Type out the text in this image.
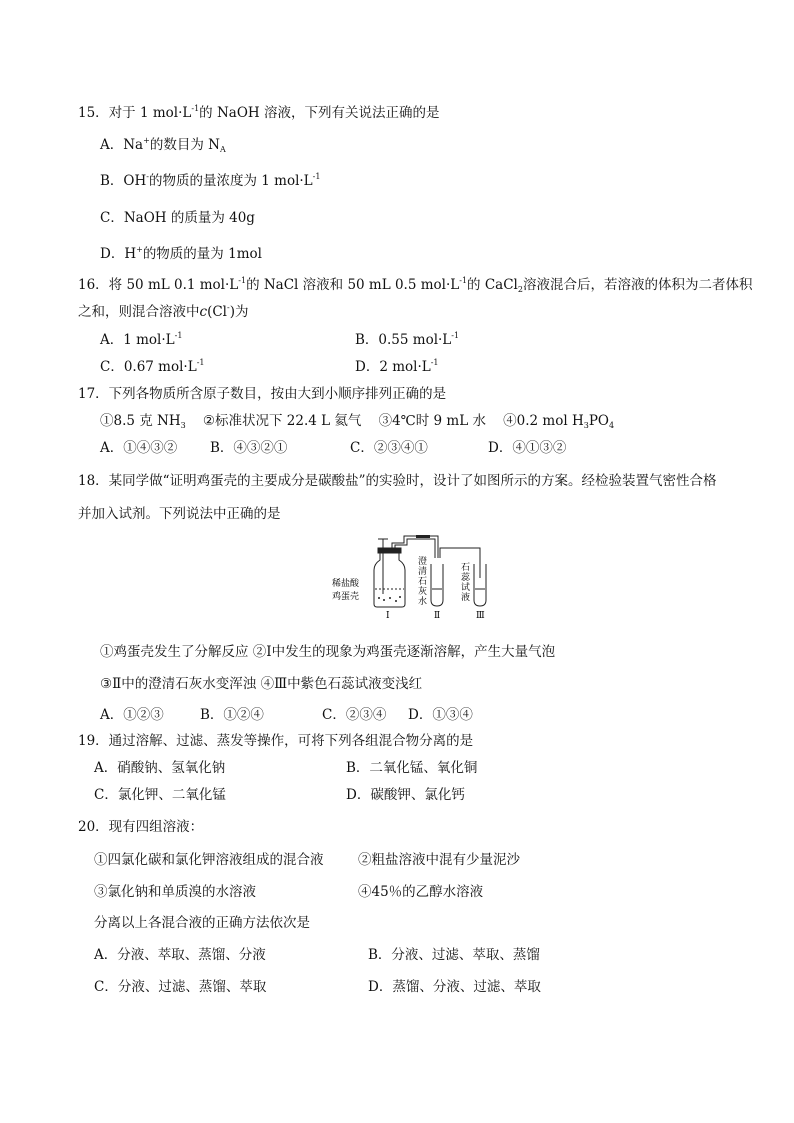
15．对于 1 $mol\cdot L^{-1}$的 NaOH 溶液，下列有关说法正确的是
A．Na+的数目为 $N_A$
B．OH-的物质的量浓度为 1 $mol\cdot L^{-1}$
C．NaOH 的质量为 40g
D．H+的物质的量为 1mol
16．将 50 mL 0.1 $mol\cdot L^{-1}$的 NaCl 溶液和 50 mL 0.5 $mol\cdot L^{-1}$的 CaCl$_2$溶液混合后，若溶液的体积为二者体积
之和，则混合溶液中c(Cl-)为
A．1 $mol\cdot L^{-1}$	B．0.55 $mol\cdot L^{-1}$
C．0.67 $mol\cdot L^{-1}$	D．2 $mol\cdot L^{-1}$
17．下列各物质所含原子数目，按由大到小顺序排列正确的是
①8.5 克 $NH_3$    ②标准状况下 22.4 L 氦气    ③4℃时 9 mL 水    ④0.2 mol $H_3PO_4$
A．①④③② B．④③②①	C．②③④①	D．④①③②
18．某同学做“证明鸡蛋壳的主要成分是碳酸盐”的实验时，设计了如图所示的方案。经检验装置气密性合格
并加入试剂。下列说法中正确的是
稀盐酸
鸡蛋壳
澄
清
石
灰
水
石
蕊
试
液
Ⅰ	Ⅱ	Ⅲ
①鸡蛋壳发生了分解反应 ②Ⅰ中发生的现象为鸡蛋壳逐渐溶解，产生大量气泡
③Ⅱ中的澄清石灰水变浑浊 ④Ⅲ中紫色石蕊试液变浅红
A．①②③	B．①②④	C．②③④ D．①③④
19．通过溶解、过滤、蒸发等操作，可将下列各组混合物分离的是
A．硝酸钠、氢氧化钠	B．二氧化锰、氧化铜
C．氯化钾、二氧化锰	D．碳酸钾、氯化钙
20．现有四组溶液：
①四氯化碳和氯化钾溶液组成的混合液	②粗盐溶液中混有少量泥沙
③氯化钠和单质溴的水溶液	④45％的乙醇水溶液
分离以上各混合液的正确方法依次是
A．分液、萃取、蒸馏、分液	B．分液、过滤、萃取、蒸馏
C．分液、过滤、蒸馏、萃取	D．蒸馏、分液、过滤、萃取
